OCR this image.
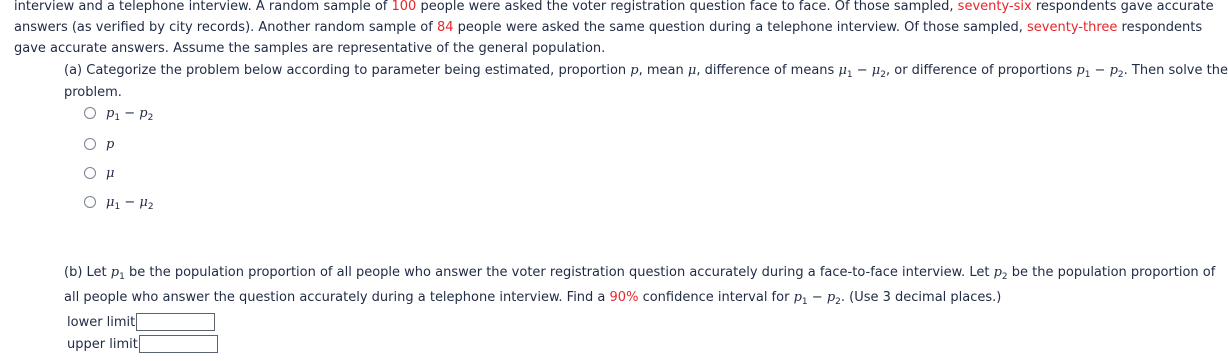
interview and a telephone interview. A random sample of 100 people were asked the voter registration question face to face. Of those sampled, seventy-six respondents gave accurate
answers (as verified by city records). Another random sample of 84 people were asked the same question during a telephone interview. Of those sampled, seventy-three respondents
gave accurate answers. Assume the samples are representative of the general population.
(a) Categorize the problem below according to parameter being estimated, proportion p, mean μ, difference of means $\mu_1 - \mu_2$, or difference of proportions $p_1 - p_2$. Then solve the
problem.
$p_1 - p_2$
p
μ
$\mu_1 - \mu_2$
(b) Let $p_1$ be the population proportion of all people who answer the voter registration question accurately during a face-to-face interview. Let $p_2$ be the population proportion of
all people who answer the question accurately during a telephone interview. Find a 90% confidence interval for $p_1 - p_2$. (Use 3 decimal places.)
lower limit
upper limit
